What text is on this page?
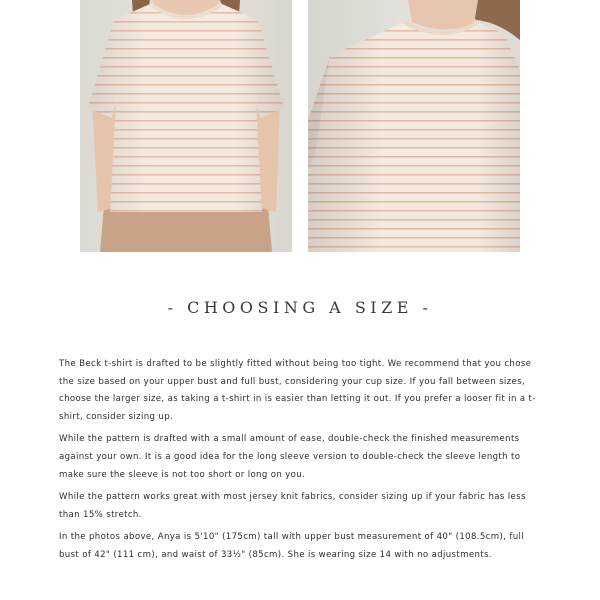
- CHOOSING A SIZE -

The Beck t-shirt is drafted to be slightly fitted without being too tight. We recommend that you chose the size based on your upper bust and full bust, considering your cup size. If you fall between sizes, choose the larger size, as taking a t-shirt in is easier than letting it out. If you prefer a looser fit in a t-shirt, consider sizing up.

While the pattern is drafted with a small amount of ease, double-check the finished measurements against your own. It is a good idea for the long sleeve version to double-check the sleeve length to make sure the sleeve is not too short or long on you.

While the pattern works great with most jersey knit fabrics, consider sizing up if your fabric has less than 15% stretch.

In the photos above, Anya is 5'10" (175cm) tall with upper bust measurement of 40" (108.5cm), full bust of 42" (111 cm), and waist of 33½" (85cm). She is wearing size 14 with no adjustments.
